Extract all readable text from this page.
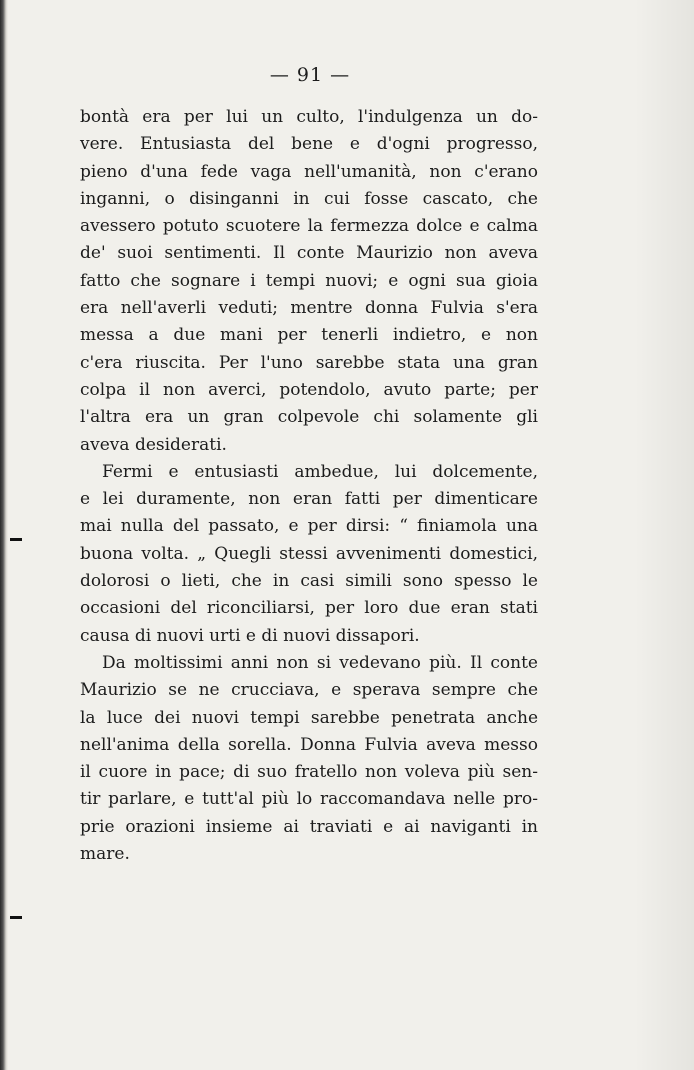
— 91 —
bontà era per lui un culto, l'indulgenza un do-
vere. Entusiasta del bene e d'ogni progresso,
pieno d'una fede vaga nell'umanità, non c'erano
inganni, o disinganni in cui fosse cascato, che
avessero potuto scuotere la fermezza dolce e calma
de' suoi sentimenti. Il conte Maurizio non aveva
fatto che sognare i tempi nuovi; e ogni sua gioia
era nell'averli veduti; mentre donna Fulvia s'era
messa a due mani per tenerli indietro, e non
c'era riuscita. Per l'uno sarebbe stata una gran
colpa il non averci, potendolo, avuto parte; per
l'altra era un gran colpevole chi solamente gli
aveva desiderati.
Fermi e entusiasti ambedue, lui dolcemente,
e lei duramente, non eran fatti per dimenticare
mai nulla del passato, e per dirsi: “ finiamola una
buona volta. „ Quegli stessi avvenimenti domestici,
dolorosi o lieti, che in casi simili sono spesso le
occasioni del riconciliarsi, per loro due eran stati
causa di nuovi urti e di nuovi dissapori.
Da moltissimi anni non si vedevano più. Il conte
Maurizio se ne crucciava, e sperava sempre che
la luce dei nuovi tempi sarebbe penetrata anche
nell'anima della sorella. Donna Fulvia aveva messo
il cuore in pace; di suo fratello non voleva più sen-
tir parlare, e tutt'al più lo raccomandava nelle pro-
prie orazioni insieme ai traviati e ai naviganti in
mare.
